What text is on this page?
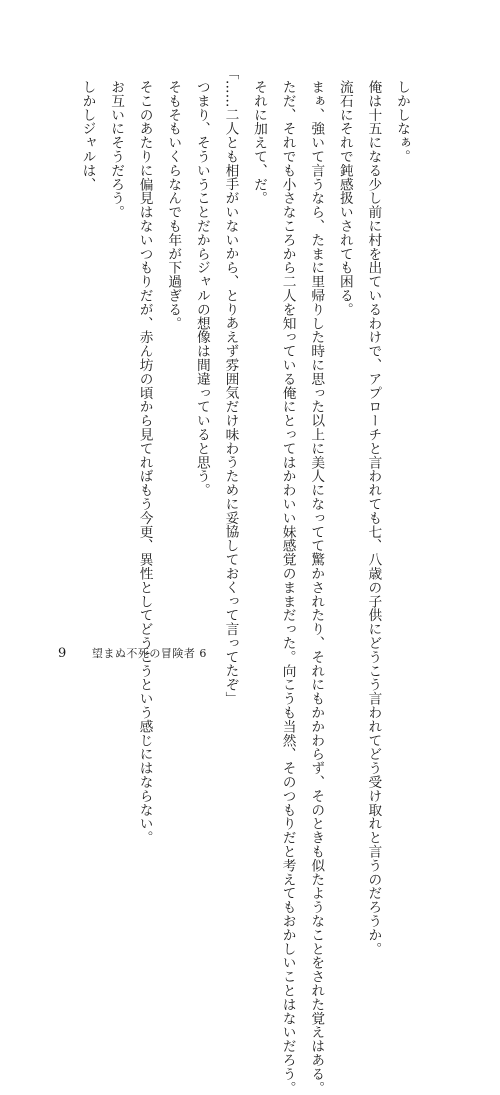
　しかしなぁ。

　俺は十五になる少し前に村を出ているわけで、アプローチと言われても七、八歳の子供にどうこう言われてどう受け取れと言うのだろうか。

　流石にそれで鈍感扱いされても困る。

　まぁ、強いて言うなら、たまに里帰りした時に思った以上に美人になってて驚かされたり、それにもかかわらず、そのときも似たようなことをされた覚えはある。

　ただ、それでも小さなころから二人を知っている俺にとってはかわいい妹感覚のままだった。向こうも当然、そのつもりだと考えてもおかしいことはないだろう。

　それに加えて、だ。

「……二人とも相手がいないから、とりあえず雰囲気だけ味わうために妥協しておくって言ってたぞ」

　つまり、そういうことだからジャルの想像は間違っていると思う。

　そもそもいくらなんでも年が下過ぎる。

　そこのあたりに偏見はないつもりだが、赤ん坊の頃から見てればもう今更、異性としてどうこうという感じにはならない。

　お互いにそうだろう。

　しかしジャルは、

9 望まぬ不死の冒険者 6
